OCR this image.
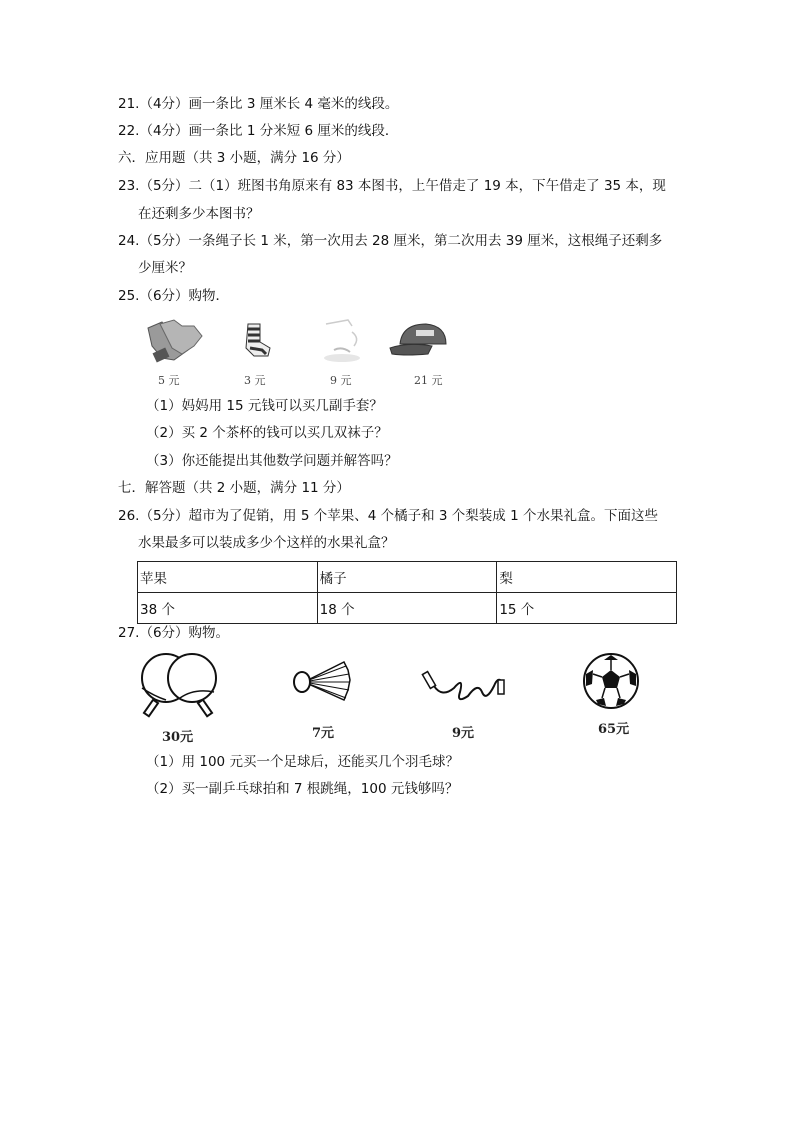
21.（4分）画一条比 3 厘米长 4 毫米的线段。
22.（4分）画一条比 1 分米短 6 厘米的线段．
六．应用题（共 3 小题，满分 16 分）
23.（5分）二（1）班图书角原来有 83 本图书，上午借走了 19 本，下午借走了 35 本，现
在还剩多少本图书？
24.（5分）一条绳子长 1 米，第一次用去 28 厘米，第二次用去 39 厘米，这根绳子还剩多
少厘米？
25.（6分）购物．
5 元	3 元	9 元	21 元
（1）妈妈用 15 元钱可以买几副手套？
（2）买 2 个茶杯的钱可以买几双袜子？
（3）你还能提出其他数学问题并解答吗？
七．解答题（共 2 小题，满分 11 分）
26.（5分）超市为了促销，用 5 个苹果、4 个橘子和 3 个梨装成 1 个水果礼盒。下面这些
水果最多可以装成多少个这样的水果礼盒？
苹果	橘子	梨
38 个	18 个	15 个
27.（6分）购物。
30元	7元	9元	65元
（1）用 100 元买一个足球后，还能买几个羽毛球？
（2）买一副乒乓球拍和 7 根跳绳，100 元钱够吗？
